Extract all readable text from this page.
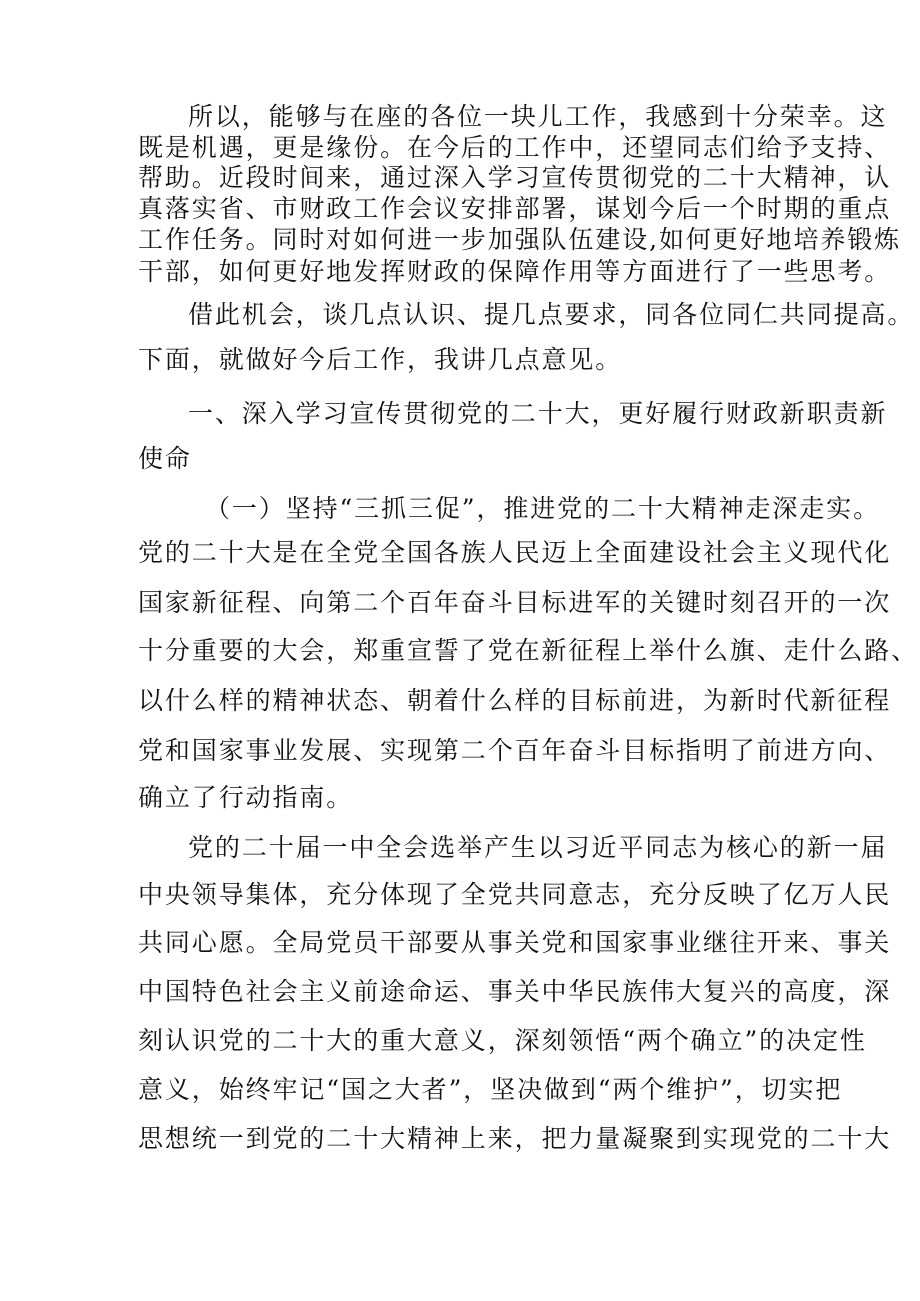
所以，能够与在座的各位一块儿工作，我感到十分荣幸。这
既是机遇，更是缘份。在今后的工作中，还望同志们给予支持、
帮助。近段时间来，通过深入学习宣传贯彻党的二十大精神，认
真落实省、市财政工作会议安排部署，谋划今后一个时期的重点
工作任务。同时对如何进一步加强队伍建设,如何更好地培养锻炼
干部，如何更好地发挥财政的保障作用等方面进行了一些思考。
借此机会，谈几点认识、提几点要求，同各位同仁共同提高。
下面，就做好今后工作，我讲几点意见。
一、深入学习宣传贯彻党的二十大，更好履行财政新职责新
使命
（一）坚持“三抓三促”，推进党的二十大精神走深走实。
党的二十大是在全党全国各族人民迈上全面建设社会主义现代化
国家新征程、向第二个百年奋斗目标进军的关键时刻召开的一次
十分重要的大会，郑重宣誓了党在新征程上举什么旗、走什么路、
以什么样的精神状态、朝着什么样的目标前进，为新时代新征程
党和国家事业发展、实现第二个百年奋斗目标指明了前进方向、
确立了行动指南。
党的二十届一中全会选举产生以习近平同志为核心的新一届
中央领导集体，充分体现了全党共同意志，充分反映了亿万人民
共同心愿。全局党员干部要从事关党和国家事业继往开来、事关
中国特色社会主义前途命运、事关中华民族伟大复兴的高度，深
刻认识党的二十大的重大意义，深刻领悟“两个确立”的决定性
意义，始终牢记“国之大者”，坚决做到“两个维护”，切实把
思想统一到党的二十大精神上来，把力量凝聚到实现党的二十大
